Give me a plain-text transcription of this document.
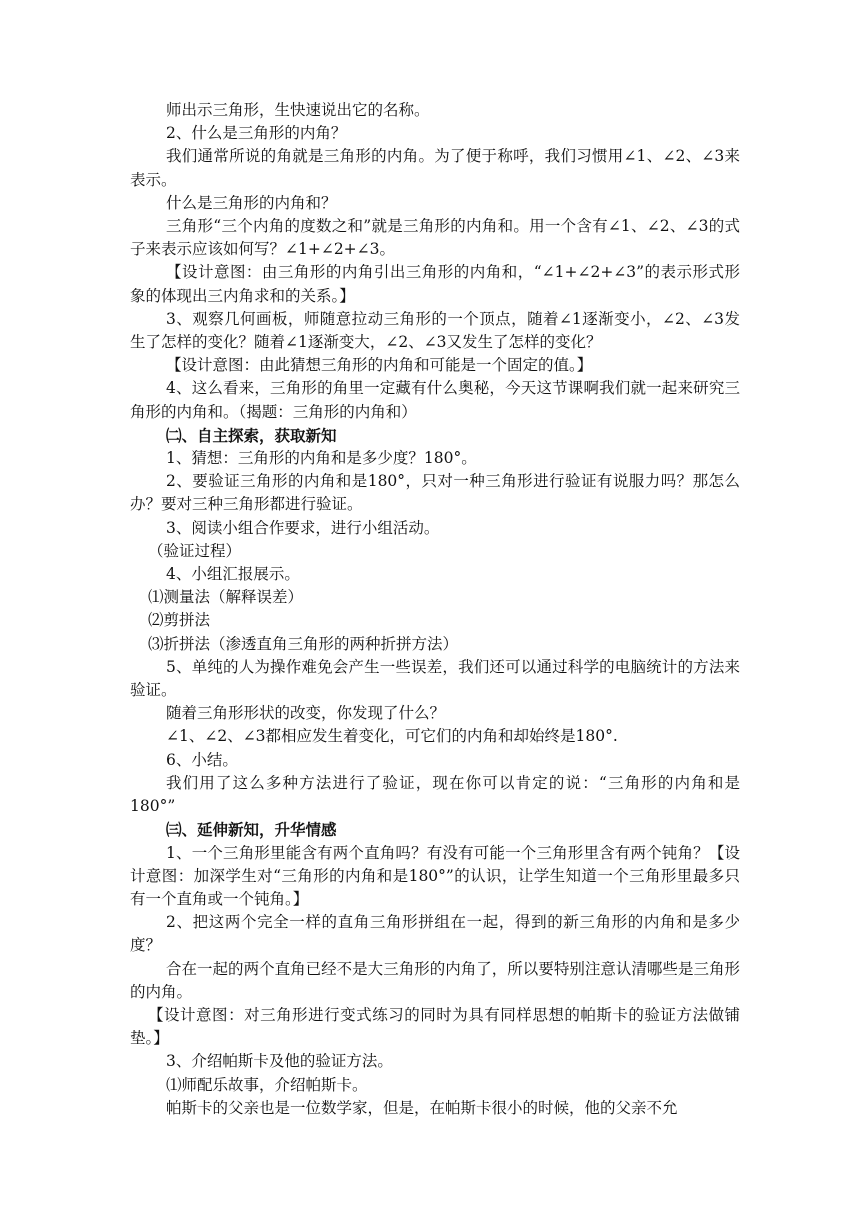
师出示三角形，生快速说出它的名称。

2、什么是三角形的内角？

我们通常所说的角就是三角形的内角。为了便于称呼，我们习惯用∠1、∠2、∠3来表示。

什么是三角形的内角和？

三角形“三个内角的度数之和”就是三角形的内角和。用一个含有∠1、∠2、∠3的式子来表示应该如何写？∠1+∠2+∠3。

【设计意图：由三角形的内角引出三角形的内角和，“∠1+∠2+∠3”的表示形式形象的体现出三内角求和的关系。】

3、观察几何画板，师随意拉动三角形的一个顶点，随着∠1逐渐变小，∠2、∠3发生了怎样的变化？随着∠1逐渐变大，∠2、∠3又发生了怎样的变化？

【设计意图：由此猜想三角形的内角和可能是一个固定的值。】

4、这么看来，三角形的角里一定藏有什么奥秘，今天这节课啊我们就一起来研究三角形的内角和。（揭题：三角形的内角和）

㈡、自主探索，获取新知

1、猜想：三角形的内角和是多少度？180°。

2、要验证三角形的内角和是180°，只对一种三角形进行验证有说服力吗？那怎么办？要对三种三角形都进行验证。

3、阅读小组合作要求，进行小组活动。

（验证过程）

4、小组汇报展示。

⑴测量法（解释误差）

⑵剪拼法

⑶折拼法（渗透直角三角形的两种折拼方法）

5、单纯的人为操作难免会产生一些误差，我们还可以通过科学的电脑统计的方法来验证。

随着三角形形状的改变，你发现了什么？

∠1、∠2、∠3都相应发生着变化，可它们的内角和却始终是180°.

6、小结。

我们用了这么多种方法进行了验证，现在你可以肯定的说：“三角形的内角和是180°”

㈢、延伸新知，升华情感

1、一个三角形里能含有两个直角吗？有没有可能一个三角形里含有两个钝角？【设计意图：加深学生对“三角形的内角和是180°”的认识，让学生知道一个三角形里最多只有一个直角或一个钝角。】

2、把这两个完全一样的直角三角形拼组在一起，得到的新三角形的内角和是多少度？

合在一起的两个直角已经不是大三角形的内角了，所以要特别注意认清哪些是三角形的内角。

【设计意图：对三角形进行变式练习的同时为具有同样思想的帕斯卡的验证方法做铺垫。】

3、介绍帕斯卡及他的验证方法。

⑴师配乐故事，介绍帕斯卡。

帕斯卡的父亲也是一位数学家，但是，在帕斯卡很小的时候，他的父亲不允
